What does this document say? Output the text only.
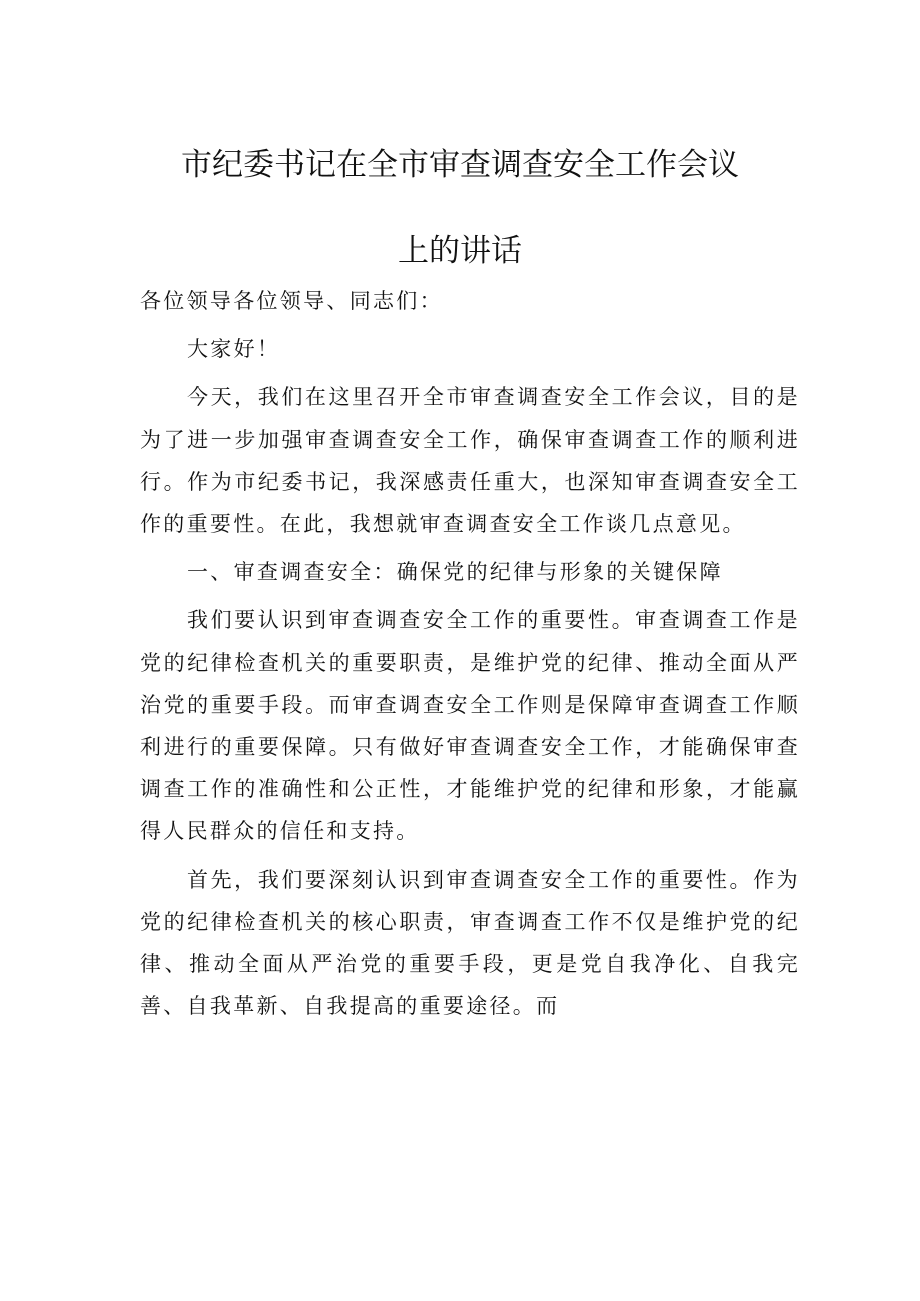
市纪委书记在全市审查调查安全工作会议
上的讲话

各位领导各位领导、同志们：

大家好！

今天，我们在这里召开全市审查调查安全工作会议，目的是为了进一步加强审查调查安全工作，确保审查调查工作的顺利进行。作为市纪委书记，我深感责任重大，也深知审查调查安全工作的重要性。在此，我想就审查调查安全工作谈几点意见。

一、审查调查安全：确保党的纪律与形象的关键保障

我们要认识到审查调查安全工作的重要性。审查调查工作是党的纪律检查机关的重要职责，是维护党的纪律、推动全面从严治党的重要手段。而审查调查安全工作则是保障审查调查工作顺利进行的重要保障。只有做好审查调查安全工作，才能确保审查调查工作的准确性和公正性，才能维护党的纪律和形象，才能赢得人民群众的信任和支持。

首先，我们要深刻认识到审查调查安全工作的重要性。作为党的纪律检查机关的核心职责，审查调查工作不仅是维护党的纪律、推动全面从严治党的重要手段，更是党自我净化、自我完善、自我革新、自我提高的重要途径。而
